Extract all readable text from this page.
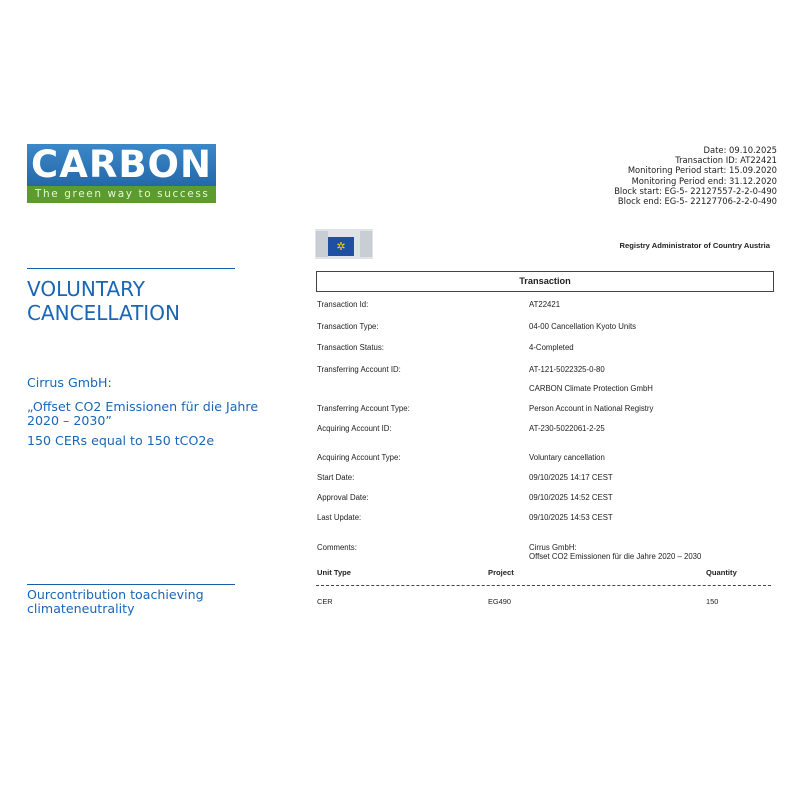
CARBON
The green way to success
Date: 09.10.2025
Transaction ID: AT22421
Monitoring Period start: 15.09.2020
Monitoring Period end: 31.12.2020
Block start: EG-5- 22127557-2-2-0-490
Block end: EG-5- 22127706-2-2-0-490
VOLUNTARY
CANCELLATION
Cirrus GmbH:
„Offset CO2 Emissionen für die Jahre 2020 – 2030”
150 CERs equal to 150 tCO2e
Ourcontribution toachieving climateneutrality
✲	Registry Administrator of Country Austria
Transaction
Transaction Id:	AT22421
Transaction Type:	04-00 Cancellation Kyoto Units
Transaction Status:	4-Completed
Transferring Account ID:	AT-121-5022325-0-80
CARBON Climate Protection GmbH
Transferring Account Type:	Person Account in National Registry
Acquiring Account ID:	AT-230-5022061-2-25
Acquiring Account Type:	Voluntary cancellation
Start Date:	09/10/2025 14:17 CEST
Approval Date:	09/10/2025 14:52 CEST
Last Update:	09/10/2025 14:53 CEST
Comments:	Cirrus GmbH:
Offset CO2 Emissionen für die Jahre 2020 – 2030
Unit Type	Project	Quantity
CER	EG490	150
